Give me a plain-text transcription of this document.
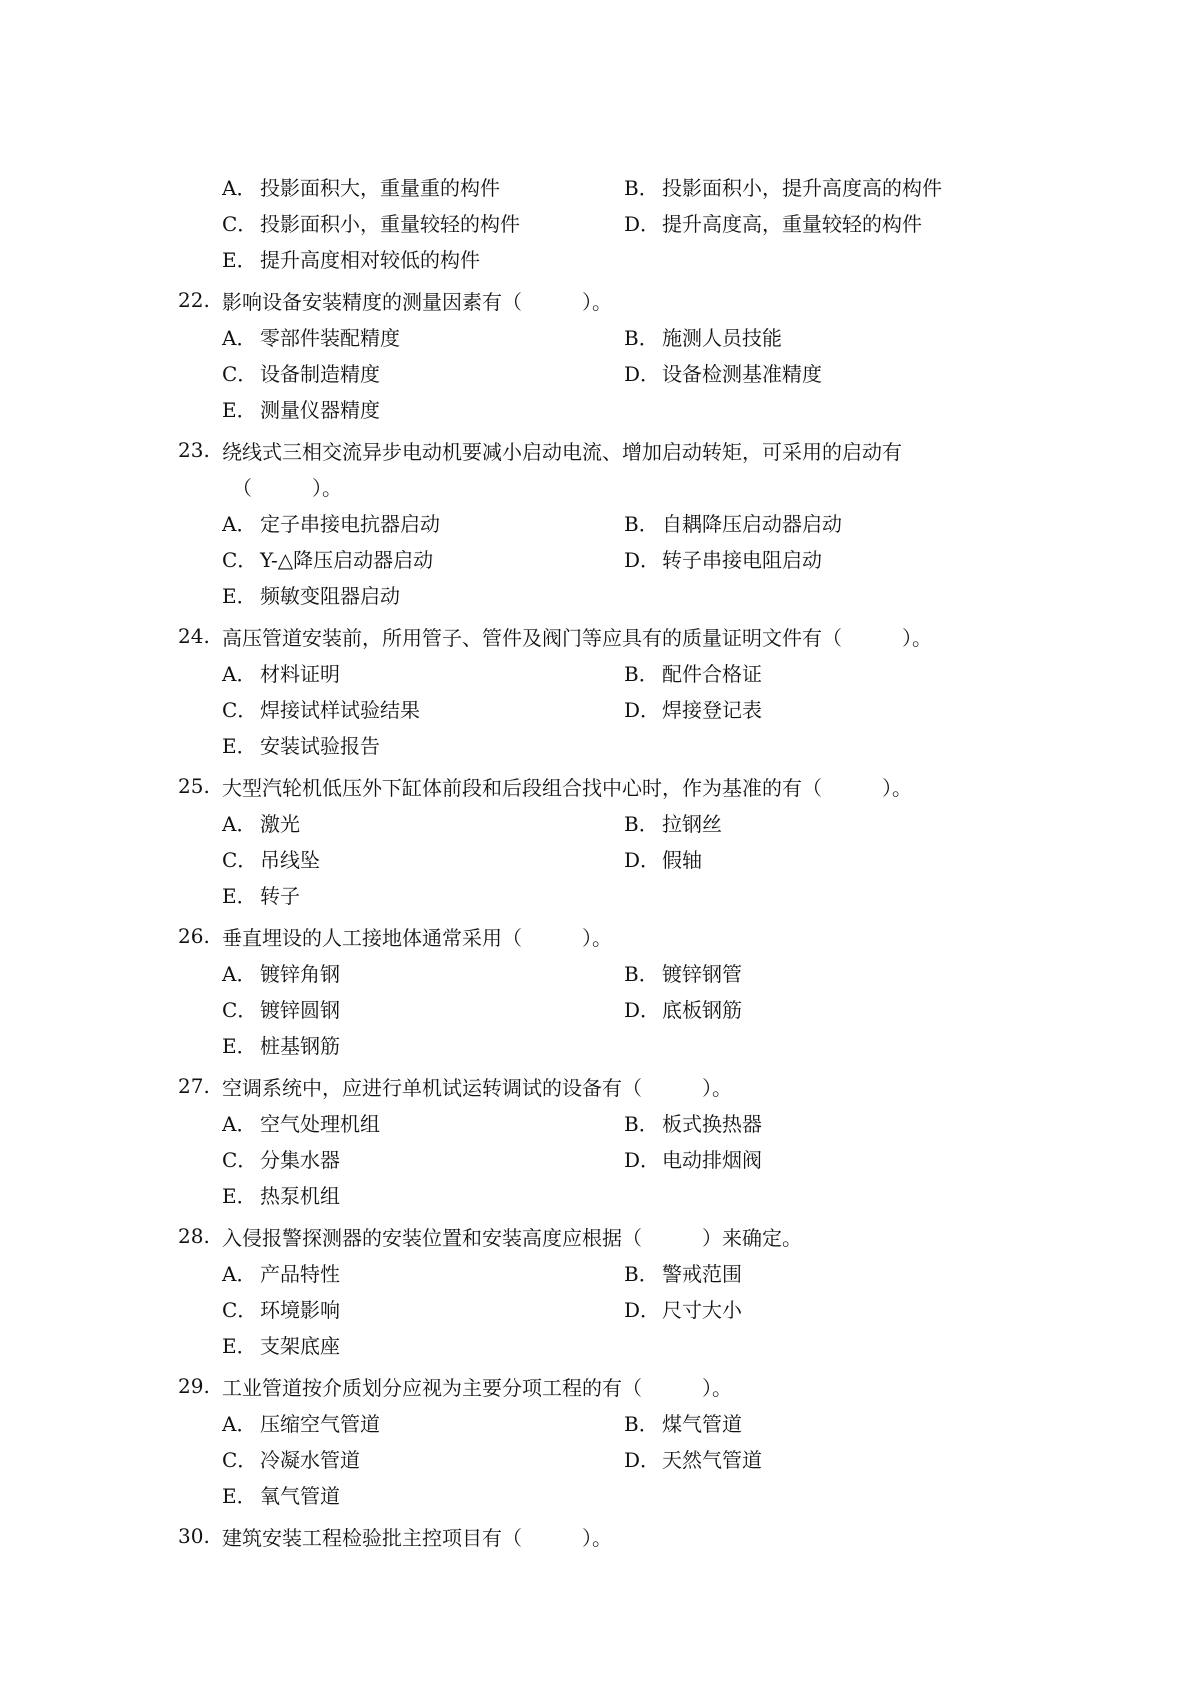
A． 投影面积大，重量重的构件	B． 投影面积小，提升高度高的构件
C． 投影面积小，重量较轻的构件	D． 提升高度高，重量较轻的构件
E． 提升高度相对较低的构件
22. 影响设备安装精度的测量因素有（　　　）。
A． 零部件装配精度	B． 施测人员技能
C． 设备制造精度	D． 设备检测基准精度
E． 测量仪器精度
23. 绕线式三相交流异步电动机要减小启动电流、增加启动转矩，可采用的启动有
（　　　）。
A． 定子串接电抗器启动	B． 自耦降压启动器启动
C． Y-△降压启动器启动	D． 转子串接电阻启动
E． 频敏变阻器启动
24. 高压管道安装前，所用管子、管件及阀门等应具有的质量证明文件有（　　　）。
A． 材料证明	B． 配件合格证
C． 焊接试样试验结果	D． 焊接登记表
E． 安装试验报告
25. 大型汽轮机低压外下缸体前段和后段组合找中心时，作为基准的有（　　　）。
A． 激光	B． 拉钢丝
C． 吊线坠	D． 假轴
E． 转子
26. 垂直埋设的人工接地体通常采用（　　　）。
A． 镀锌角钢	B． 镀锌钢管
C． 镀锌圆钢	D． 底板钢筋
E． 桩基钢筋
27. 空调系统中，应进行单机试运转调试的设备有（　　　）。
A． 空气处理机组	B． 板式换热器
C． 分集水器	D． 电动排烟阀
E． 热泵机组
28. 入侵报警探测器的安装位置和安装高度应根据（　　　）来确定。
A． 产品特性	B． 警戒范围
C． 环境影响	D． 尺寸大小
E． 支架底座
29. 工业管道按介质划分应视为主要分项工程的有（　　　）。
A． 压缩空气管道	B． 煤气管道
C． 冷凝水管道	D． 天然气管道
E． 氧气管道
30. 建筑安装工程检验批主控项目有（　　　）。
